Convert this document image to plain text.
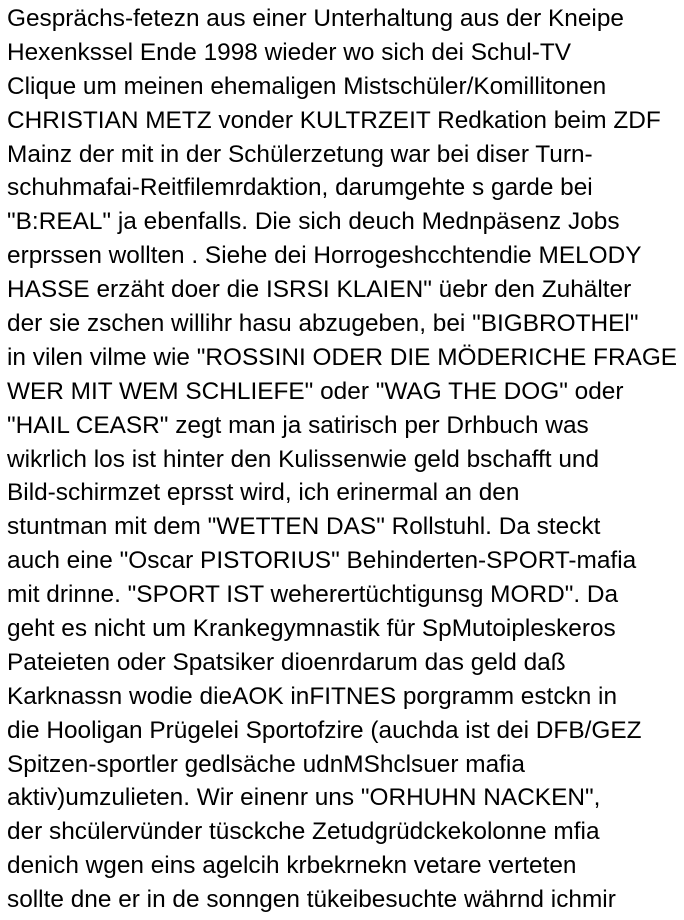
Gesprächs-fetezn aus einer Unterhaltung aus der Kneipe
Hexenkssel Ende 1998 wieder wo sich dei Schul-TV
Clique um meinen ehemaligen Mistschüler/Komillitonen
CHRISTIAN METZ vonder KULTRZEIT Redkation beim ZDF
Mainz der mit in der Schülerzetung war bei diser Turn-
schuhmafai-Reitfilemrdaktion, darumgehte s garde bei
"B:REAL" ja ebenfalls. Die sich deuch Mednpäsenz Jobs
erprssen wollten . Siehe dei Horrogeshcchtendie MELODY
HASSE erzäht doer die ISRSI KLAIEN" üebr den Zuhälter
der sie zschen willihr hasu abzugeben, bei "BIGBROTHEl"
in vilen vilme wie "ROSSINI ODER DIE MÖDERICHE FRAGE
WER MIT WEM SCHLIEFE" oder "WAG THE DOG" oder
"HAIL CEASR" zegt man ja satirisch per Drhbuch was
wikrlich los ist hinter den Kulissenwie geld bschafft und
Bild-schirmzet eprsst wird, ich erinermal an den
stuntman mit dem "WETTEN DAS" Rollstuhl. Da steckt
auch eine "Oscar PISTORIUS" Behinderten-SPORT-mafia
mit drinne. "SPORT IST weherertüchtigunsg MORD". Da
geht es nicht um Krankegymnastik für SpMutoipleskeros
Pateieten oder Spatsiker dioenrdarum das geld daß
Karknassn wodie dieAOK inFITNES porgramm estckn in
die Hooligan Prügelei Sportofzire (auchda ist dei DFB/GEZ
Spitzen-sportler gedlsäche udnMShclsuer mafia
aktiv)umzulieten. Wir einenr uns "ORHUHN NACKEN",
der shcülervünder tüsckche Zetudgrüdckekolonne mfia
denich wgen eins agelcih krbekrnekn vetare verteten
sollte dne er in de sonngen tükeibesuchte währnd ichmir
